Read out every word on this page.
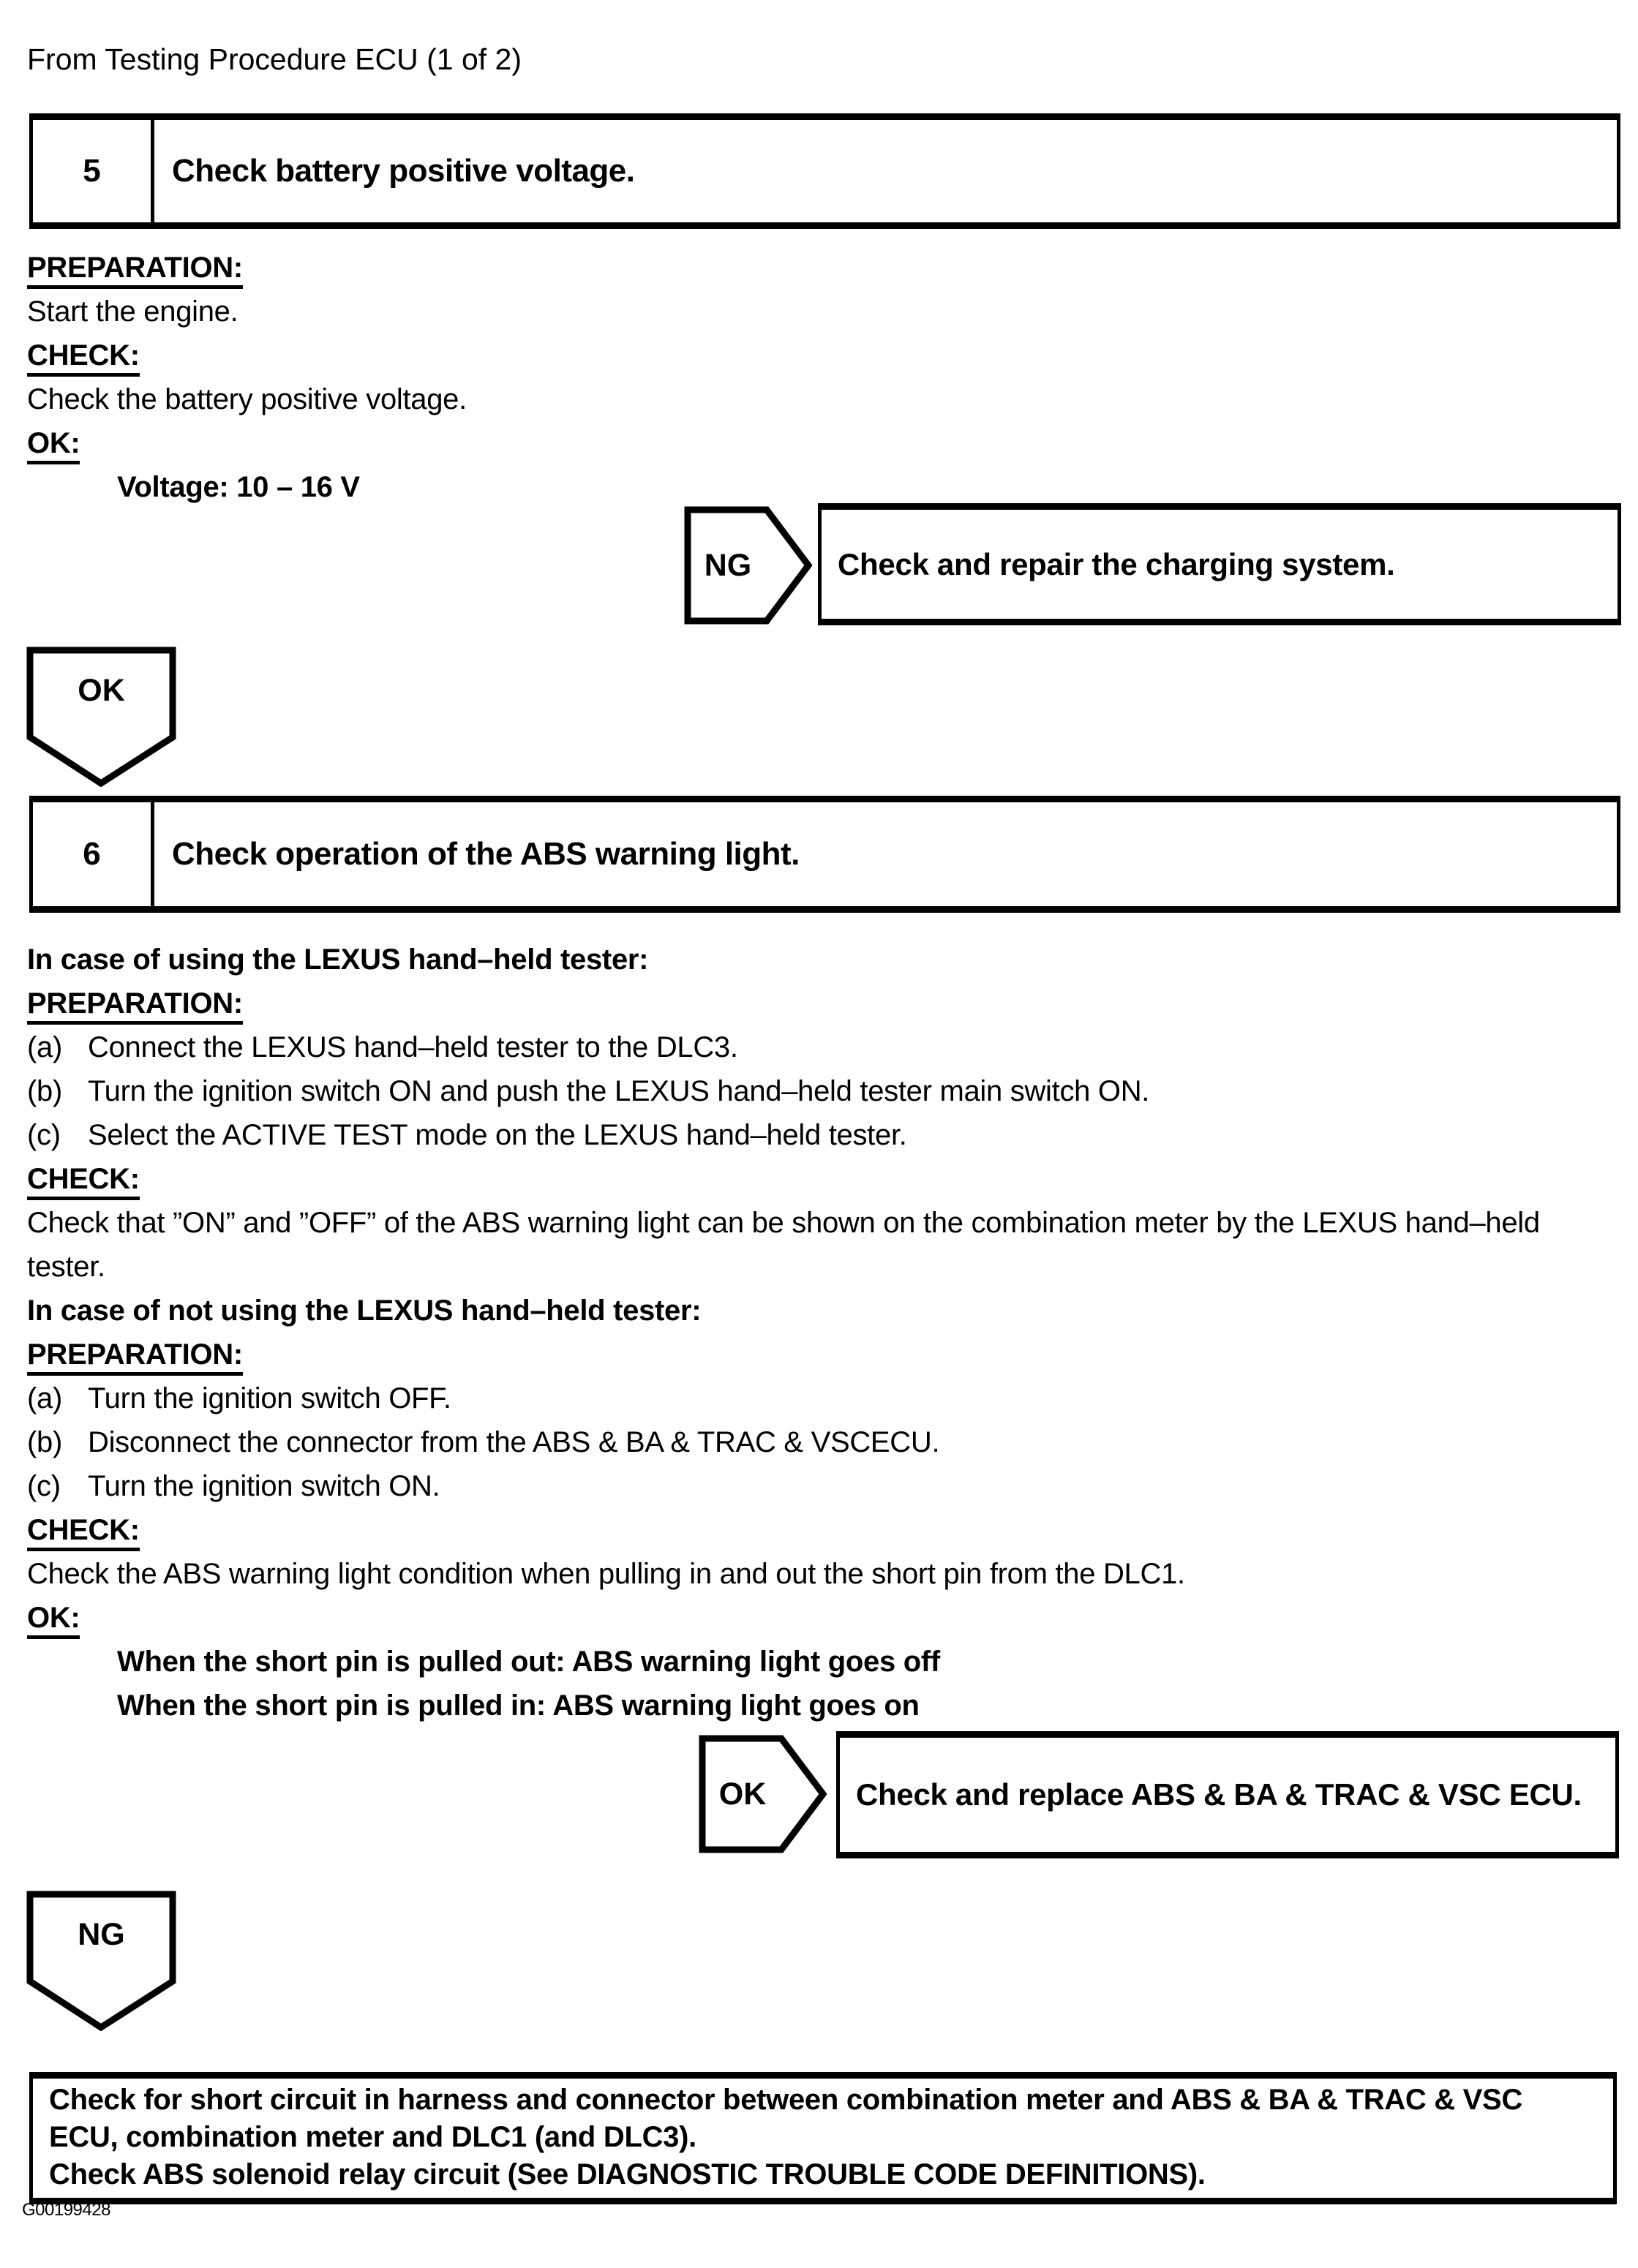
From Testing Procedure ECU (1 of 2)
5	Check battery positive voltage.
PREPARATION:
Start the engine.
CHECK:
Check the battery positive voltage.
OK:
Voltage: 10 – 16 V
NG	Check and repair the charging system.
OK
6	Check operation of the ABS warning light.
In case of using the LEXUS hand–held tester:
PREPARATION:
(a) Connect the LEXUS hand–held tester to the DLC3.
(b) Turn the ignition switch ON and push the LEXUS hand–held tester main switch ON.
(c) Select the ACTIVE TEST mode on the LEXUS hand–held tester.
CHECK:
Check that ”ON” and ”OFF” of the ABS warning light can be shown on the combination meter by the LEXUS hand–held tester.
In case of not using the LEXUS hand–held tester:
PREPARATION:
(a) Turn the ignition switch OFF.
(b) Disconnect the connector from the ABS & BA & TRAC & VSCECU.
(c) Turn the ignition switch ON.
CHECK:
Check the ABS warning light condition when pulling in and out the short pin from the DLC1.
OK:
When the short pin is pulled out: ABS warning light goes off
When the short pin is pulled in: ABS warning light goes on
OK	Check and replace ABS & BA & TRAC & VSC ECU.
NG

Check for short circuit in harness and connector between combination meter and ABS & BA & TRAC & VSC ECU, combination meter and DLC1 (and DLC3).

Check ABS solenoid relay circuit (See DIAGNOSTIC TROUBLE CODE DEFINITIONS).

G00199428
